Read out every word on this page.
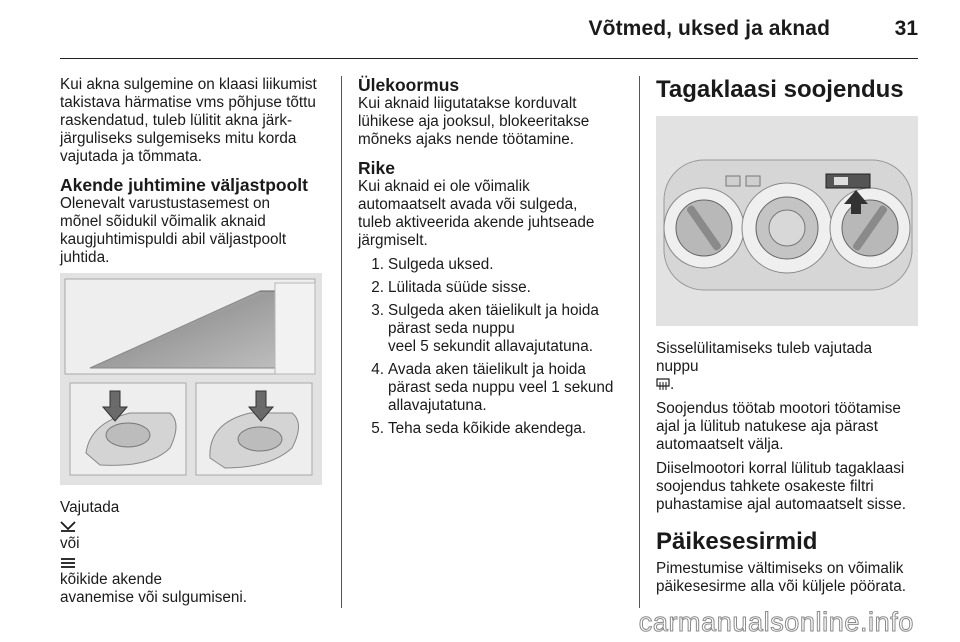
Võtmed, uksed ja aknad	31

Kui akna sulgemine on klaasi liikumist
takistava härmatise vms põhjuse tõttu
raskendatud, tuleb lülitit akna järk-
järguliseks sulgemiseks mitu korda
vajutada ja tõmmata.

Akende juhtimine väljastpoolt

Olenevalt varustustasemest on
mõnel sõidukil võimalik aknaid
kaugjuhtimispuldi abil väljastpoolt
juhtida.

Vajutada

või

kõikide akende

avanemise või sulgumiseni.

Ülekoormus

Kui aknaid liigutatakse korduvalt
lühikese aja jooksul, blokeeritakse
mõneks ajaks nende töötamine.

Rike

Kui aknaid ei ole võimalik
automaatselt avada või sulgeda,
tuleb aktiveerida akende juhtseade
järgmiselt.

1. Sulgeda uksed.
2. Lülitada süüde sisse.
3. Sulgeda aken täielikult ja hoida
pärast seda nuppu
veel 5 sekundit allavajutatuna.
4. Avada aken täielikult ja hoida
pärast seda nuppu veel 1 sekund
allavajutatuna.
5. Teha seda kõikide akendega.
Tagaklaasi soojendus

Sisselülitamiseks tuleb vajutada
nuppu
.

Soojendus töötab mootori töötamise
ajal ja lülitub natukese aja pärast
automaatselt välja.

Diiselmootori korral lülitub tagaklaasi
soojendus tahkete osakeste filtri
puhastamise ajal automaatselt sisse.

Päikesesirmid

Pimestumise vältimiseks on võimalik
päikesesirme alla või küljele pöörata.

carmanualsonline.info
